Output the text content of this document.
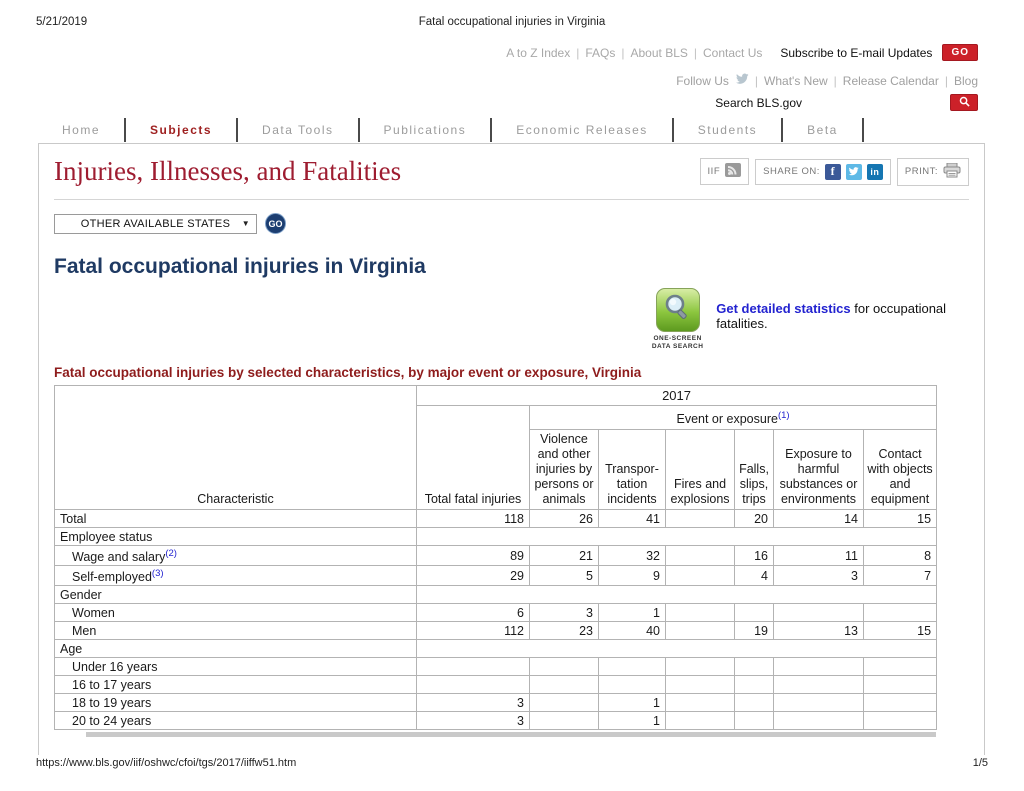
5/21/2019	Fatal occupational injuries in Virginia
A to Z Index | FAQs | About BLS | Contact Us Subscribe to E-mail Updates	GO
Follow Us |	What's New | Release Calendar | Blog
Search BLS.gov
Home	Subjects	Data Tools	Publications	Economic Releases	Students	Beta
Injuries, Illnesses, and Fatalities	IIF	SHARE ON: f	in	PRINT:
OTHER AVAILABLE STATES ▼	GO
Fatal occupational injuries in Virginia
ONE-SCREEN
DATA SEARCH
Get detailed statistics for occupational fatalities.
Fatal occupational injuries by selected characteristics, by major event or exposure, Virginia
Characteristic	2017						
	Total fatal injuries	Event or exposure$^{(1)}$
		Violence and other injuries by persons or animals	Transpor-tation incidents	Fires and explosions	Falls, slips, trips	Exposure to harmful substances or environments	Contact with objects and equipment
Total	118	26	41		20	14	15
Employee status							
Wage and salary$^{(2)}$	89	21	32		16	11	8
Self-employed$^{(3)}$	29	5	9		4	3	7
Gender							
Women	6	3	1				
Men	112	23	40		19	13	15
Age							
Under 16 years							
16 to 17 years							
18 to 19 years	3		1				
20 to 24 years	3		1				
https://www.bls.gov/iif/oshwc/cfoi/tgs/2017/iiffw51.htm	1/5
